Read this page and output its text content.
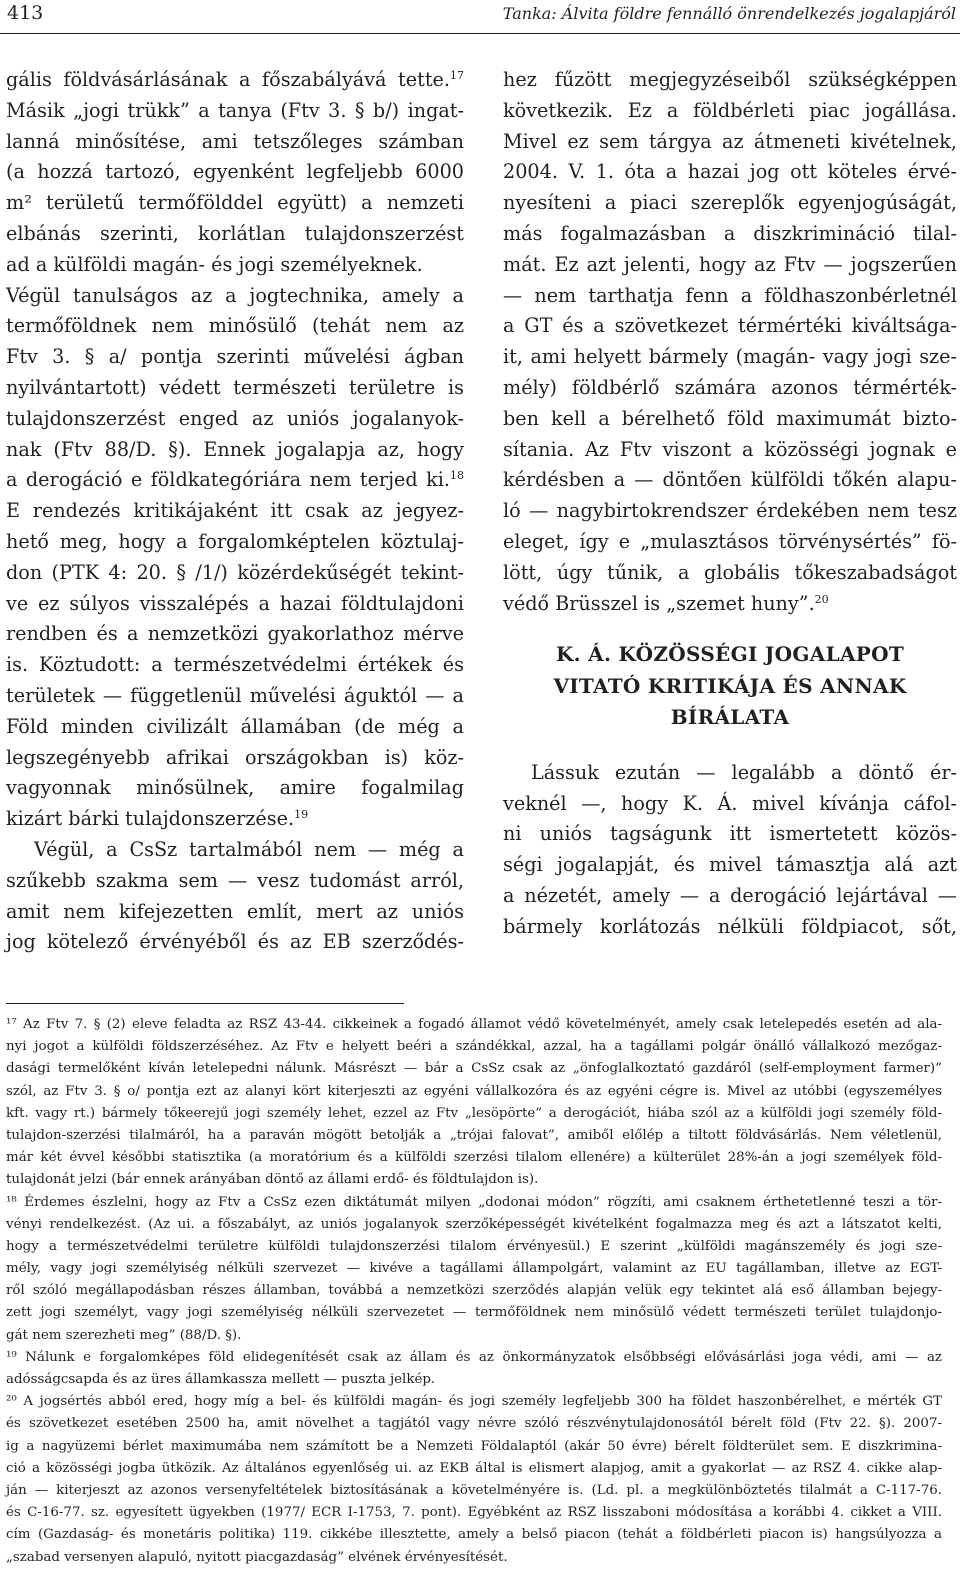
413	Tanka: Álvita földre fennálló önrendelkezés jogalapjáról
gális földvásárlásának a főszabályává tette.$^{17}$
Másik „jogi trükk” a tanya (Ftv 3. § b/) ingat-
lanná minősítése, ami tetszőleges számban
(a hozzá tartozó, egyenként legfeljebb 6000
m² területű termőfölddel együtt) a nemzeti
elbánás szerinti, korlátlan tulajdonszerzést
ad a külföldi magán- és jogi személyeknek.
Végül tanulságos az a jogtechnika, amely a
termőföldnek nem minősülő (tehát nem az
Ftv 3. § a/ pontja szerinti művelési ágban
nyilvántartott) védett természeti területre is
tulajdonszerzést enged az uniós jogalanyok-
nak (Ftv 88/D. §). Ennek jogalapja az, hogy
a derogáció e földkategóriára nem terjed ki.$^{18}$
E rendezés kritikájaként itt csak az jegyez-
hető meg, hogy a forgalomképtelen köztulaj-
don (PTK 4: 20. § /1/) közérdekűségét tekint-
ve ez súlyos visszalépés a hazai földtulajdoni
rendben és a nemzetközi gyakorlathoz mérve
is. Köztudott: a természetvédelmi értékek és
területek — függetlenül művelési águktól — a
Föld minden civilizált államában (de még a
legszegényebb afrikai országokban is) köz-
vagyonnak minősülnek, amire fogalmilag
kizárt bárki tulajdonszerzése.$^{19}$
Végül, a CsSz tartalmából nem — még a
szűkebb szakma sem — vesz tudomást arról,
amit nem kifejezetten említ, mert az uniós
jog kötelező érvényéből és az EB szerződés-
hez fűzött megjegyzéseiből szükségképpen
következik. Ez a földbérleti piac jogállása.
Mivel ez sem tárgya az átmeneti kivételnek,
2004. V. 1. óta a hazai jog ott köteles érvé-
nyesíteni a piaci szereplők egyenjogúságát,
más fogalmazásban a diszkrimináció tilal-
mát. Ez azt jelenti, hogy az Ftv — jogszerűen
— nem tarthatja fenn a földhaszonbérletnél
a GT és a szövetkezet térmértéki kiváltsága-
it, ami helyett bármely (magán- vagy jogi sze-
mély) földbérlő számára azonos térmérték-
ben kell a bérelhető föld maximumát bizto-
sítania. Az Ftv viszont a közösségi jognak e
kérdésben a — döntően külföldi tőkén alapu-
ló — nagybirtokrendszer érdekében nem tesz
eleget, így e „mulasztásos törvénysértés” fö-
lött, úgy tűnik, a globális tőkeszabadságot
védő Brüsszel is „szemet huny”.$^{20}$
K. Á. KÖZÖSSÉGI JOGALAPOT
VITATÓ KRITIKÁJA ÉS ANNAK
BÍRÁLATA
Lássuk ezután — legalább a döntő ér-
veknél —, hogy K. Á. mivel kívánja cáfol-
ni uniós tagságunk itt ismertetett közös-
ségi jogalapját, és mivel támasztja alá azt
a nézetét, amely — a derogáció lejártával —
bármely korlátozás nélküli földpiacot, sőt,
¹⁷ Az Ftv 7. § (2) eleve feladta az RSZ 43-44. cikkeinek a fogadó államot védő követelményét, amely csak letelepedés esetén ad ala-
nyi jogot a külföldi földszerzéséhez. Az Ftv e helyett beéri a szándékkal, azzal, ha a tagállami polgár önálló vállalkozó mezőgaz-
dasági termelőként kíván letelepedni nálunk. Másrészt — bár a CsSz csak az „önfoglalkoztató gazdáról (self-employment farmer)”
szól, az Ftv 3. § o/ pontja ezt az alanyi kört kiterjeszti az egyéni vállalkozóra és az egyéni cégre is. Mivel az utóbbi (egyszemélyes
kft. vagy rt.) bármely tőkeerejű jogi személy lehet, ezzel az Ftv „lesöpörte” a derogációt, hiába szól az a külföldi jogi személy föld-
tulajdon-szerzési tilalmáról, ha a paraván mögött betolják a „trójai falovat”, amiből előlép a tiltott földvásárlás. Nem véletlenül,
már két évvel későbbi statisztika (a moratórium és a külföldi szerzési tilalom ellenére) a külterület 28%-án a jogi személyek föld-
tulajdonát jelzi (bár ennek arányában döntő az állami erdő- és földtulajdon is).
¹⁸ Érdemes észlelni, hogy az Ftv a CsSz ezen diktátumát milyen „dodonai módon” rögzíti, ami csaknem érthetetlenné teszi a tör-
vényi rendelkezést. (Az ui. a főszabályt, az uniós jogalanyok szerzőképességét kivételként fogalmazza meg és azt a látszatot kelti,
hogy a természetvédelmi területre külföldi tulajdonszerzési tilalom érvényesül.) E szerint „külföldi magánszemély és jogi sze-
mély, vagy jogi személyiség nélküli szervezet — kivéve a tagállami állampolgárt, valamint az EU tagállamban, illetve az EGT-
ről szóló megállapodásban részes államban, továbbá a nemzetközi szerződés alapján velük egy tekintet alá eső államban bejegy-
zett jogi személyt, vagy jogi személyiség nélküli szervezetet — termőföldnek nem minősülő védett természeti terület tulajdonjo-
gát nem szerezheti meg” (88/D. §).
¹⁹ Nálunk e forgalomképes föld elidegenítését csak az állam és az önkormányzatok elsőbbségi elővásárlási joga védi, ami — az
adósságcsapda és az üres államkassza mellett — puszta jelkép.
²⁰ A jogsértés abból ered, hogy míg a bel- és külföldi magán- és jogi személy legfeljebb 300 ha földet haszonbérelhet, e mérték GT
és szövetkezet esetében 2500 ha, amit növelhet a tagjától vagy névre szóló részvénytulajdonosától bérelt föld (Ftv 22. §). 2007-
ig a nagyüzemi bérlet maximumába nem számított be a Nemzeti Földalaptól (akár 50 évre) bérelt földterület sem. E diszkrimina-
ció a közösségi jogba ütközik. Az általános egyenlőség ui. az EKB által is elismert alapjog, amit a gyakorlat — az RSZ 4. cikke alap-
ján — kiterjeszt az azonos versenyfeltételek biztosításának a követelményére is. (Ld. pl. a megkülönböztetés tilalmát a C-117-76.
és C-16-77. sz. egyesített ügyekben (1977/ ECR I-1753, 7. pont). Egyébként az RSZ lisszaboni módosítása a korábbi 4. cikket a VIII.
cím (Gazdaság- és monetáris politika) 119. cikkébe illesztette, amely a belső piacon (tehát a földbérleti piacon is) hangsúlyozza a
„szabad versenyen alapuló, nyitott piacgazdaság” elvének érvényesítését.
